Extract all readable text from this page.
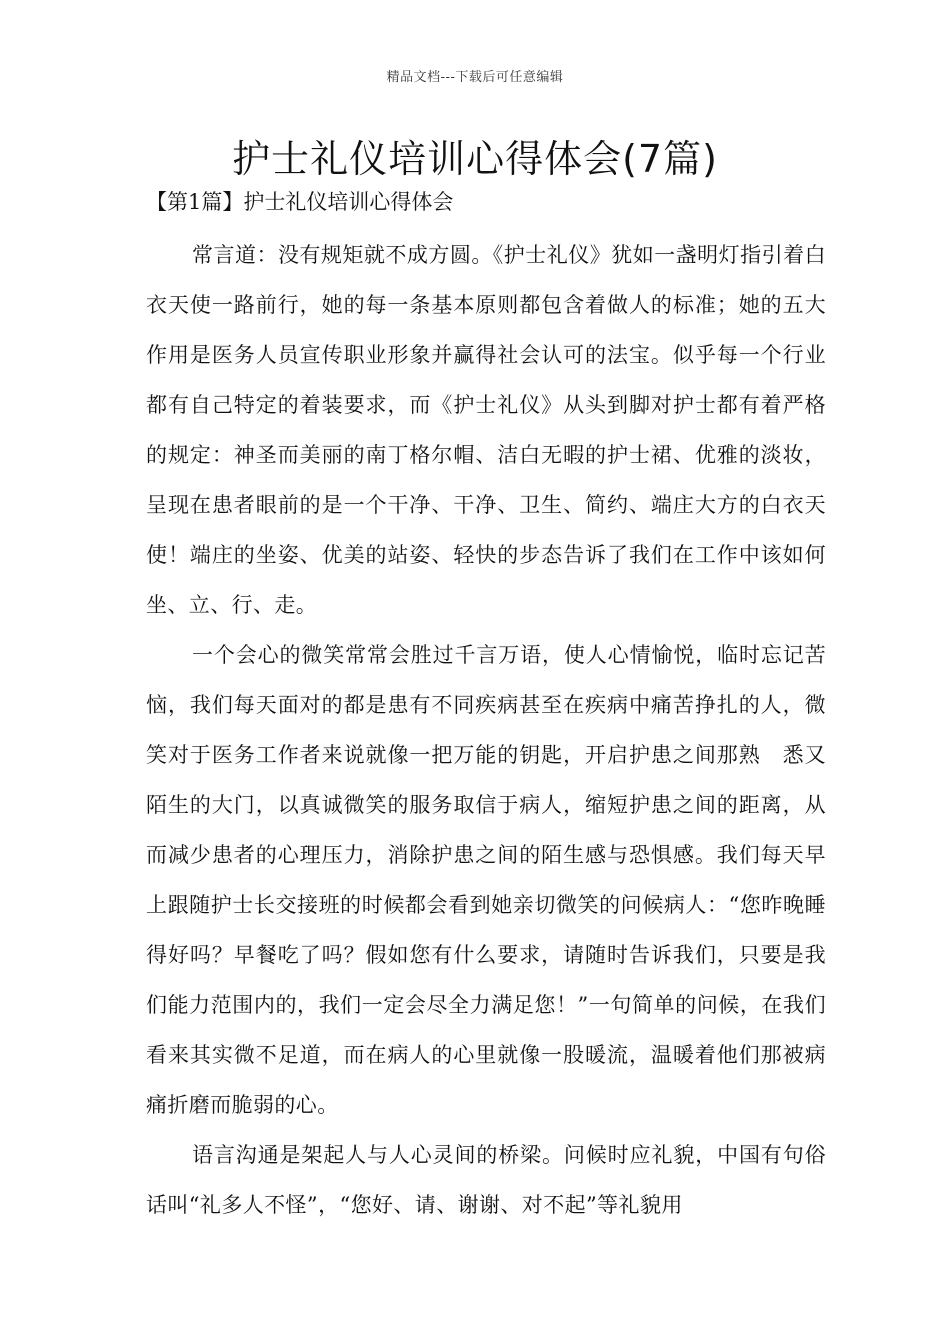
精品文档---下载后可任意编辑
护士礼仪培训心得体会(7篇)

【第1篇】护士礼仪培训心得体会

常言道：没有规矩就不成方圆。《护士礼仪》犹如一盏明灯指引着白衣天使一路前行，她的每一条基本原则都包含着做人的标准；她的五大作用是医务人员宣传职业形象并赢得社会认可的法宝。似乎每一个行业都有自己特定的着装要求，而《护士礼仪》从头到脚对护士都有着严格的规定：神圣而美丽的南丁格尔帽、洁白无暇的护士裙、优雅的淡妆，呈现在患者眼前的是一个干净、干净、卫生、简约、端庄大方的白衣天使！端庄的坐姿、优美的站姿、轻快的步态告诉了我们在工作中该如何坐、立、行、走。

一个会心的微笑常常会胜过千言万语，使人心情愉悦，临时忘记苦恼，我们每天面对的都是患有不同疾病甚至在疾病中痛苦挣扎的人，微笑对于医务工作者来说就像一把万能的钥匙，开启护患之间那熟　悉又陌生的大门，以真诚微笑的服务取信于病人，缩短护患之间的距离，从而减少患者的心理压力，消除护患之间的陌生感与恐惧感。我们每天早上跟随护士长交接班的时候都会看到她亲切微笑的问候病人：“您昨晚睡得好吗？早餐吃了吗？假如您有什么要求，请随时告诉我们，只要是我们能力范围内的，我们一定会尽全力满足您！”一句简单的问候，在我们看来其实微不足道，而在病人的心里就像一股暖流，温暖着他们那被病痛折磨而脆弱的心。

语言沟通是架起人与人心灵间的桥梁。问候时应礼貌，中国有句俗话叫“礼多人不怪”，“您好、请、谢谢、对不起”等礼貌用
